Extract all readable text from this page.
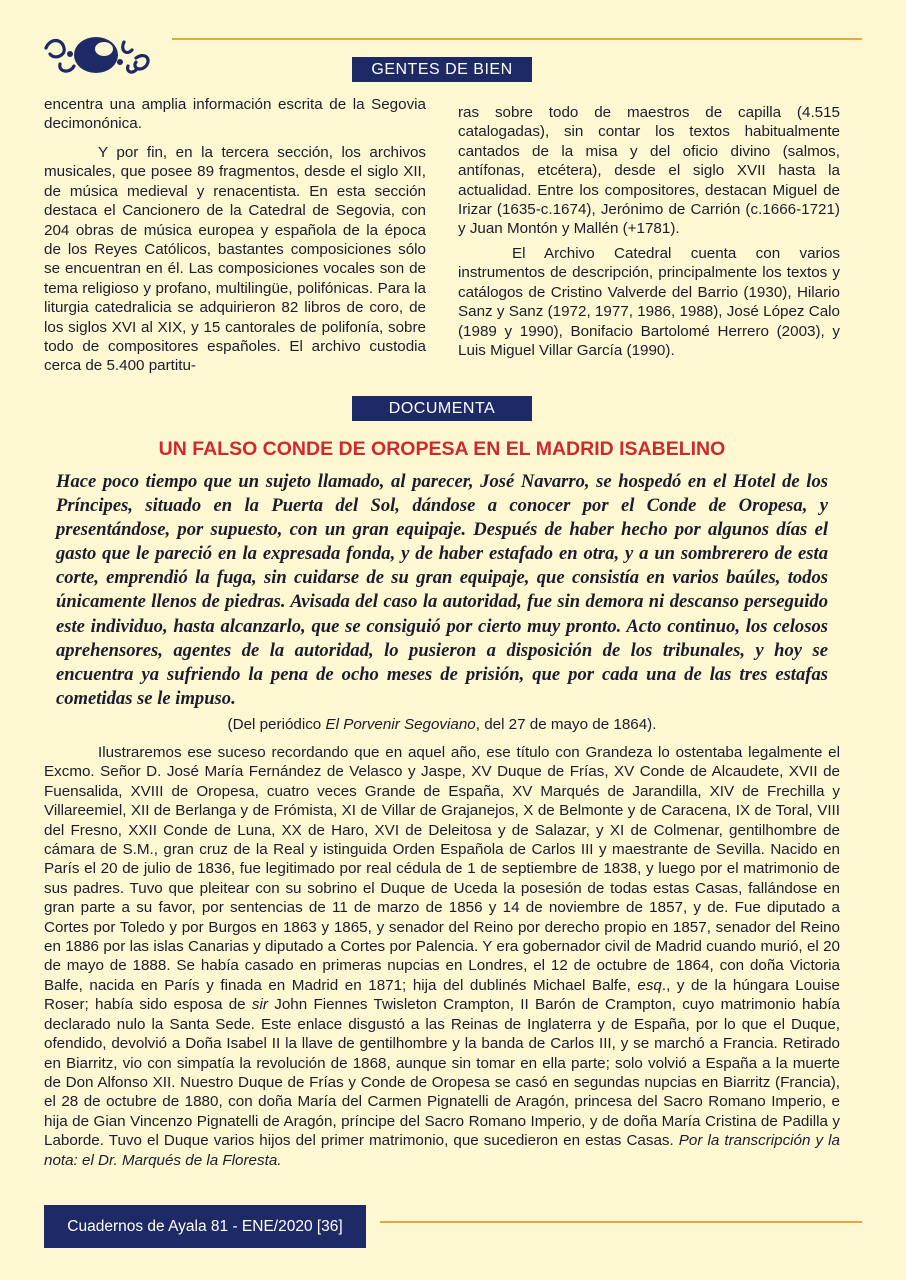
GENTES DE BIEN

encentra una amplia información escrita de la Segovia decimonónica.

Y por fin, en la tercera sección, los archivos musicales, que posee 89 fragmentos, desde el siglo XII, de música medieval y renacentista. En esta sección destaca el Cancionero de la Catedral de Segovia, con 204 obras de música europea y española de la época de los Reyes Católicos, bastantes composiciones sólo se encuentran en él. Las composiciones vocales son de tema religioso y profano, multilingüe, polifónicas. Para la liturgia catedralicia se adquirieron 82 libros de coro, de los siglos XVI al XIX, y 15 cantorales de polifonía, sobre todo de compositores españoles. El archivo custodia cerca de 5.400 partitu-

ras sobre todo de maestros de capilla (4.515 catalogadas), sin contar los textos habitualmente cantados de la misa y del oficio divino (salmos, antífonas, etcétera), desde el siglo XVII hasta la actualidad. Entre los compositores, destacan Miguel de Irizar (1635-c.1674), Jerónimo de Carrión (c.1666-1721) y Juan Montón y Mallén (+1781).

El Archivo Catedral cuenta con varios instrumentos de descripción, principalmente los textos y catálogos de Cristino Valverde del Barrio (1930), Hilario Sanz y Sanz (1972, 1977, 1986, 1988), José López Calo (1989 y 1990), Bonifacio Bartolomé Herrero (2003), y Luis Miguel Villar García (1990).

DOCUMENTA
UN FALSO CONDE DE OROPESA EN EL MADRID ISABELINO

Hace poco tiempo que un sujeto llamado, al parecer, José Navarro, se hospedó en el Hotel de los Príncipes, situado en la Puerta del Sol, dándose a conocer por el Conde de Oropesa, y presentándose, por supuesto, con un gran equipaje. Después de haber hecho por algunos días el gasto que le pareció en la expresada fonda, y de haber estafado en otra, y a un sombrerero de esta corte, emprendió la fuga, sin cuidarse de su gran equipaje, que consistía en varios baúles, todos únicamente llenos de piedras. Avisada del caso la autoridad, fue sin demora ni descanso perseguido este individuo, hasta alcanzarlo, que se consiguió por cierto muy pronto. Acto continuo, los celosos aprehensores, agentes de la autoridad, lo pusieron a disposición de los tribunales, y hoy se encuentra ya sufriendo la pena de ocho meses de prisión, que por cada una de las tres estafas cometidas se le impuso.

(Del periódico El Porvenir Segoviano, del 27 de mayo de 1864).

Ilustraremos ese suceso recordando que en aquel año, ese título con Grandeza lo ostentaba legalmente el Excmo. Señor D. José María Fernández de Velasco y Jaspe, XV Duque de Frías, XV Conde de Alcaudete, XVII de Fuensalida, XVIII de Oropesa, cuatro veces Grande de España, XV Marqués de Jarandilla, XIV de Frechilla y Villareemiel, XII de Berlanga y de Frómista, XI de Villar de Grajanejos, X de Belmonte y de Caracena, IX de Toral, VIII del Fresno, XXII Conde de Luna, XX de Haro, XVI de Deleitosa y de Salazar, y XI de Colmenar, gentilhombre de cámara de S.M., gran cruz de la Real y istinguida Orden Española de Carlos III y maestrante de Sevilla. Nacido en París el 20 de julio de 1836, fue legitimado por real cédula de 1 de septiembre de 1838, y luego por el matrimonio de sus padres. Tuvo que pleitear con su sobrino el Duque de Uceda la posesión de todas estas Casas, fallándose en gran parte a su favor, por sentencias de 11 de marzo de 1856 y 14 de noviembre de 1857, y de. Fue diputado a Cortes por Toledo y por Burgos en 1863 y 1865, y senador del Reino por derecho propio en 1857, senador del Reino en 1886 por las islas Canarias y diputado a Cortes por Palencia. Y era gobernador civil de Madrid cuando murió, el 20 de mayo de 1888. Se había casado en primeras nupcias en Londres, el 12 de octubre de 1864, con doña Victoria Balfe, nacida en París y finada en Madrid en 1871; hija del dublinés Michael Balfe, esq., y de la húngara Louise Roser; había sido esposa de sir John Fiennes Twisleton Crampton, II Barón de Crampton, cuyo matrimonio había declarado nulo la Santa Sede. Este enlace disgustó a las Reinas de Inglaterra y de España, por lo que el Duque, ofendido, devolvió a Doña Isabel II la llave de gentilhombre y la banda de Carlos III, y se marchó a Francia. Retirado en Biarritz, vio con simpatía la revolución de 1868, aunque sin tomar en ella parte; solo volvió a España a la muerte de Don Alfonso XII. Nuestro Duque de Frías y Conde de Oropesa se casó en segundas nupcias en Biarritz (Francia), el 28 de octubre de 1880, con doña María del Carmen Pignatelli de Aragón, princesa del Sacro Romano Imperio, e hija de Gian Vincenzo Pignatelli de Aragón, príncipe del Sacro Romano Imperio, y de doña María Cristina de Padilla y Laborde. Tuvo el Duque varios hijos del primer matrimonio, que sucedieron en estas Casas. Por la transcripción y la nota: el Dr. Marqués de la Floresta.

Cuadernos de Ayala 81 - ENE/2020 [36]
